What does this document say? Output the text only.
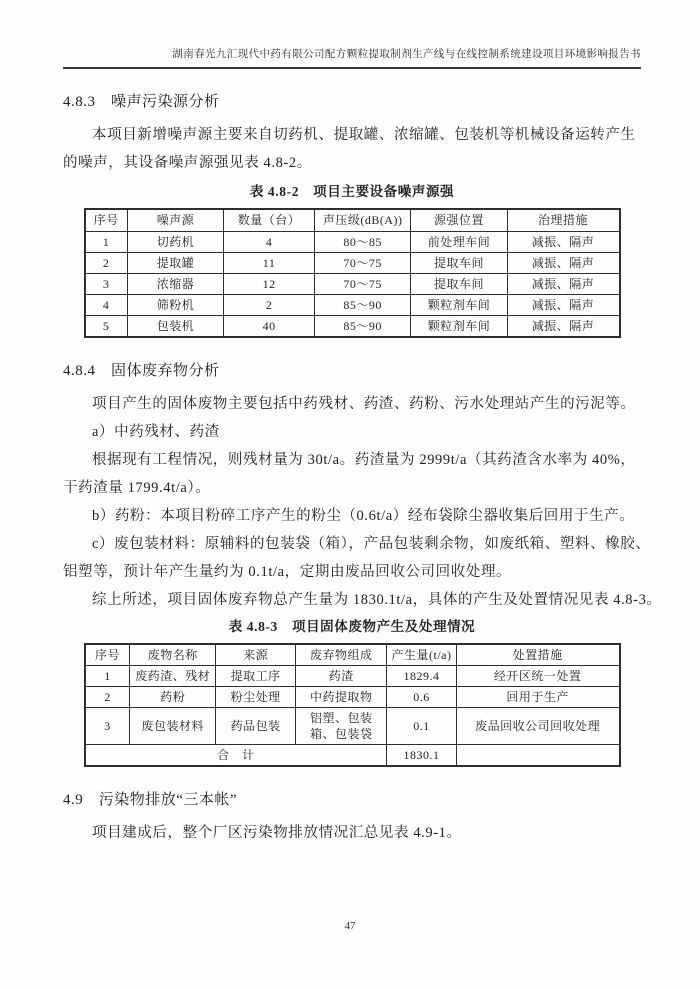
湖南春光九汇现代中药有限公司配方颗粒提取制剂生产线与在线控制系统建设项目环境影响报告书
4.8.3　噪声污染源分析
本项目新增噪声源主要来自切药机、提取罐、浓缩罐、包装机等机械设备运转产生
的噪声，其设备噪声源强见表 4.8-2。
表 4.8-2　项目主要设备噪声源强
序号	噪声源	数量（台）	声压级(dB(A))	源强位置	治理措施
1	切药机	4	80～85	前处理车间	减振、隔声
2	提取罐	11	70～75	提取车间	减振、隔声
3	浓缩器	12	70～75	提取车间	减振、隔声
4	筛粉机	2	85～90	颗粒剂车间	减振、隔声
5	包装机	40	85～90	颗粒剂车间	减振、隔声
4.8.4　固体废弃物分析
项目产生的固体废物主要包括中药残材、药渣、药粉、污水处理站产生的污泥等。
a）中药残材、药渣
根据现有工程情况，则残材量为 30t/a。药渣量为 2999t/a（其药渣含水率为 40%，
干药渣量 1799.4t/a）。
b）药粉：本项目粉碎工序产生的粉尘（0.6t/a）经布袋除尘器收集后回用于生产。
c）废包装材料：原辅料的包装袋（箱），产品包装剩余物，如废纸箱、塑料、橡胶、
铝塑等，预计年产生量约为 0.1t/a，定期由废品回收公司回收处理。
综上所述，项目固体废弃物总产生量为 1830.1t/a，具体的产生及处置情况见表 4.8-3。
表 4.8-3　项目固体废物产生及处理情况
序号	废物名称	来源	废弃物组成	产生量(t/a)	处置措施
1	废药渣、残材	提取工序	药渣	1829.4	经开区统一处置
2	药粉	粉尘处理	中药提取物	0.6	回用于生产
3	废包装材料	药品包装	铝塑、包装箱、包装袋	0.1	废品回收公司回收处理
合　计				1830.1	
4.9　污染物排放“三本帐”
项目建成后，整个厂区污染物排放情况汇总见表 4.9-1。
47
